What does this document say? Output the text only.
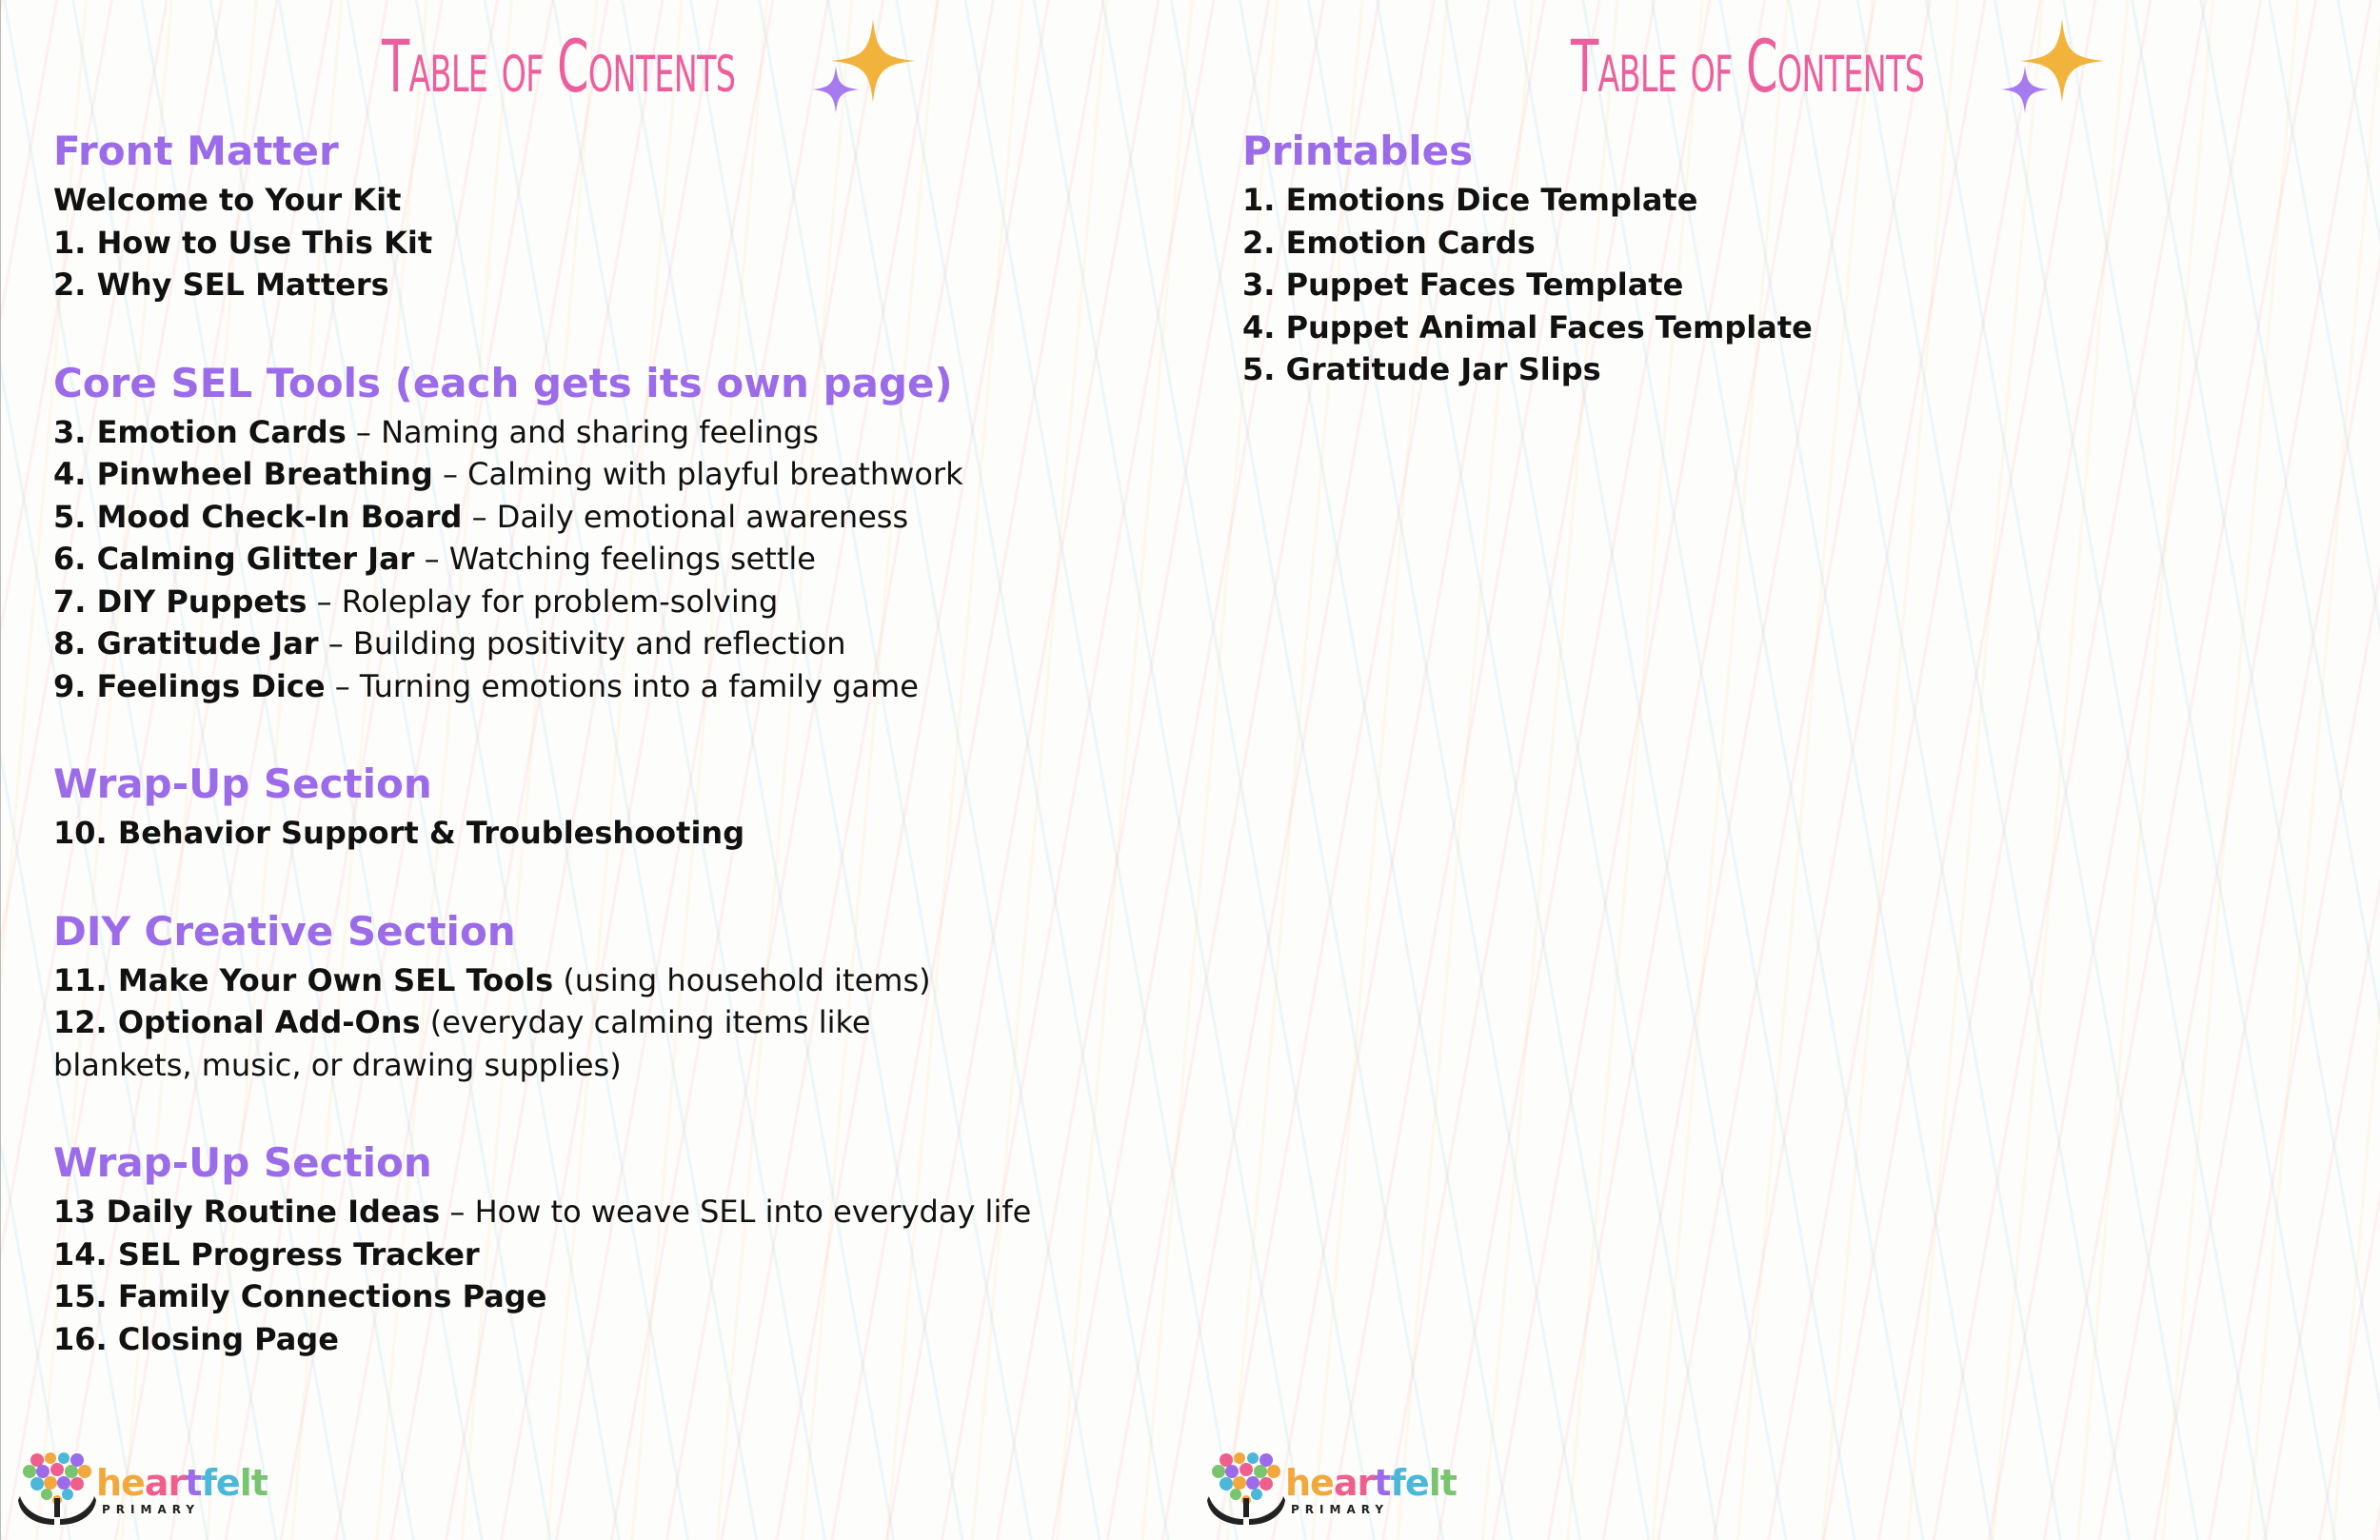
Table of Contents
Front Matter

Welcome to Your Kit

1. How to Use This Kit

2. Why SEL Matters

Core SEL Tools (each gets its own page)

3. Emotion Cards – Naming and sharing feelings

4. Pinwheel Breathing – Calming with playful breathwork

5. Mood Check-In Board – Daily emotional awareness

6. Calming Glitter Jar – Watching feelings settle

7. DIY Puppets – Roleplay for problem-solving

8. Gratitude Jar – Building positivity and reflection

9. Feelings Dice – Turning emotions into a family game

Wrap-Up Section

10. Behavior Support & Troubleshooting

DIY Creative Section

11. Make Your Own SEL Tools (using household items)

12. Optional Add-Ons (everyday calming items like blankets, music, or drawing supplies)

Wrap-Up Section

13 Daily Routine Ideas – How to weave SEL into everyday life

14. SEL Progress Tracker

15. Family Connections Page

16. Closing Page

heartfelt
PRIMARY
Table of Contents
Printables

1. Emotions Dice Template

2. Emotion Cards

3. Puppet Faces Template

4. Puppet Animal Faces Template

5. Gratitude Jar Slips

heartfelt
PRIMARY
